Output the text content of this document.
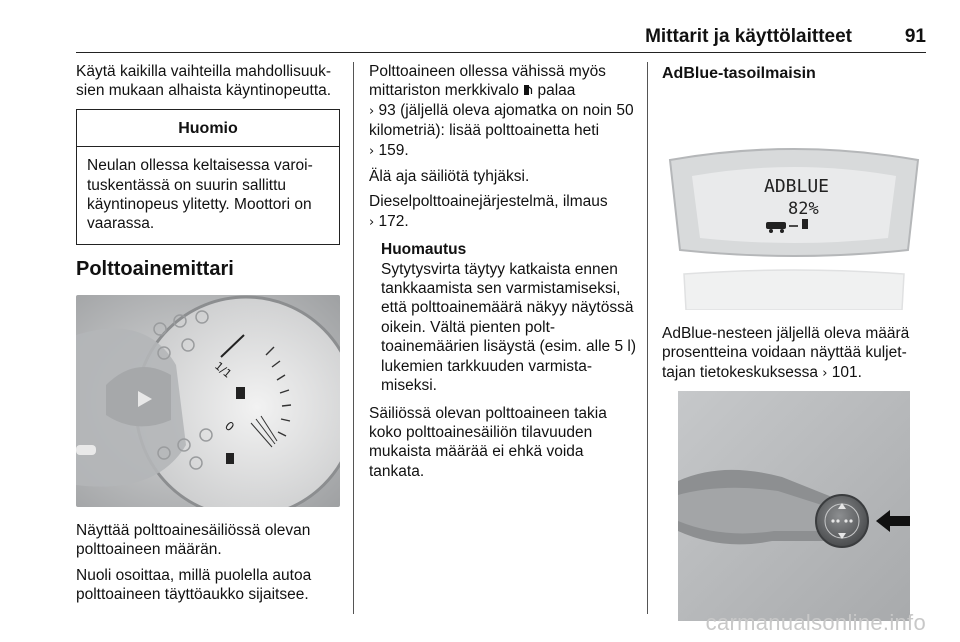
Mittarit ja käyttölaitteet	91

Käytä kaikilla vaihteilla mahdollisuuksien mukaan alhaista käyntinopeutta.

Huomio
Neulan ollessa keltaisessa varoituskentässä on suurin sallittu käyntinopeus ylitetty. Moottori on vaarassa.
Polttoainemittari
1/1
0

Näyttää polttoainesäiliössä olevan polttoaineen määrän.

Nuoli osoittaa, millä puolella autoa polttoaineen täyttöaukko sijaitsee.

Polttoaineen ollessa vähissä myös mittariston merkkivalo palaa
› 93 (jäljellä oleva ajomatka on noin 50 kilometriä): lisää polttoainetta heti
› 159.

Älä aja säiliötä tyhjäksi.

Dieselpolttoainejärjestelmä, ilmaus
› 172.

Huomautus
Sytytysvirta täytyy katkaista ennen tankkaamista sen varmistamiseksi, että polttoainemäärä näkyy näytössä oikein. Vältä pienten polttoainemäärien lisäystä (esim. alle 5 l) lukemien tarkkuuden varmistamiseksi.

Säiliössä olevan polttoaineen takia koko polttoainesäiliön tilavuuden mukaista määrää ei ehkä voida tankata.

AdBlue-tasoilmaisin
ADBLUE
82%

AdBlue-nesteen jäljellä oleva määrä prosentteina voidaan näyttää kuljettajan tietokeskuksessa › 101.

carmanualsonline.info
